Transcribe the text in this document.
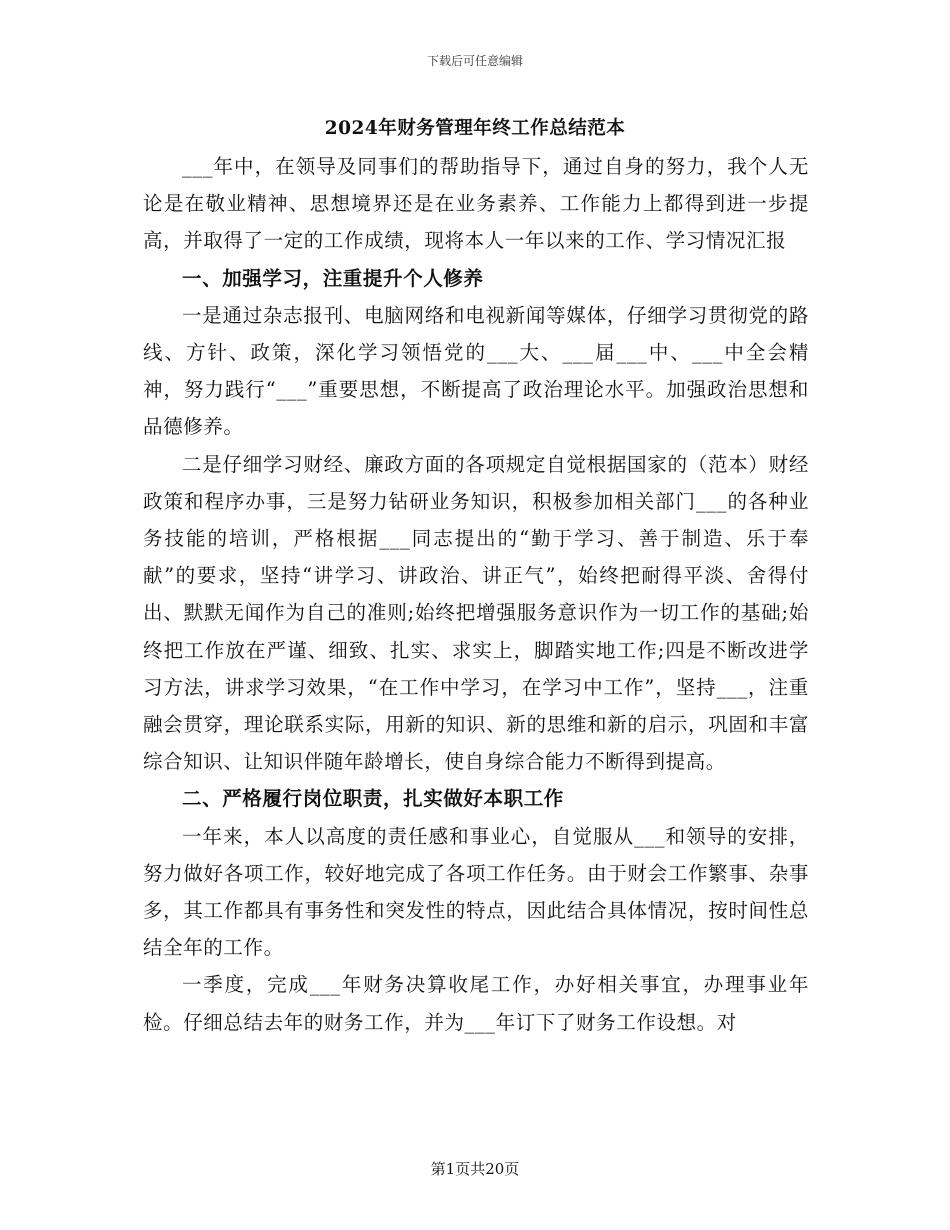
下载后可任意编辑
2024年财务管理年终工作总结范本

___年中，在领导及同事们的帮助指导下，通过自身的努力，我个人无论是在敬业精神、思想境界还是在业务素养、工作能力上都得到进一步提高，并取得了一定的工作成绩，现将本人一年以来的工作、学习情况汇报

一、加强学习，注重提升个人修养

一是通过杂志报刊、电脑网络和电视新闻等媒体，仔细学习贯彻党的路线、方针、政策，深化学习领悟党的___大、___届___中、___中全会精神，努力践行“___”重要思想，不断提高了政治理论水平。加强政治思想和品德修养。

二是仔细学习财经、廉政方面的各项规定自觉根据国家的（范本）财经政策和程序办事，三是努力钻研业务知识，积极参加相关部门___的各种业务技能的培训，严格根据___同志提出的“勤于学习、善于制造、乐于奉献”的要求，坚持“讲学习、讲政治、讲正气”，始终把耐得平淡、舍得付出、默默无闻作为自己的准则;始终把增强服务意识作为一切工作的基础;始终把工作放在严谨、细致、扎实、求实上，脚踏实地工作;四是不断改进学习方法，讲求学习效果，“在工作中学习，在学习中工作”，坚持___，注重融会贯穿，理论联系实际，用新的知识、新的思维和新的启示，巩固和丰富综合知识、让知识伴随年龄增长，使自身综合能力不断得到提高。

二、严格履行岗位职责，扎实做好本职工作

一年来，本人以高度的责任感和事业心，自觉服从___和领导的安排，努力做好各项工作，较好地完成了各项工作任务。由于财会工作繁事、杂事多，其工作都具有事务性和突发性的特点，因此结合具体情况，按时间性总结全年的工作。

一季度，完成___年财务决算收尾工作，办好相关事宜，办理事业年检。仔细总结去年的财务工作，并为___年订下了财务工作设想。对

第1页共20页
